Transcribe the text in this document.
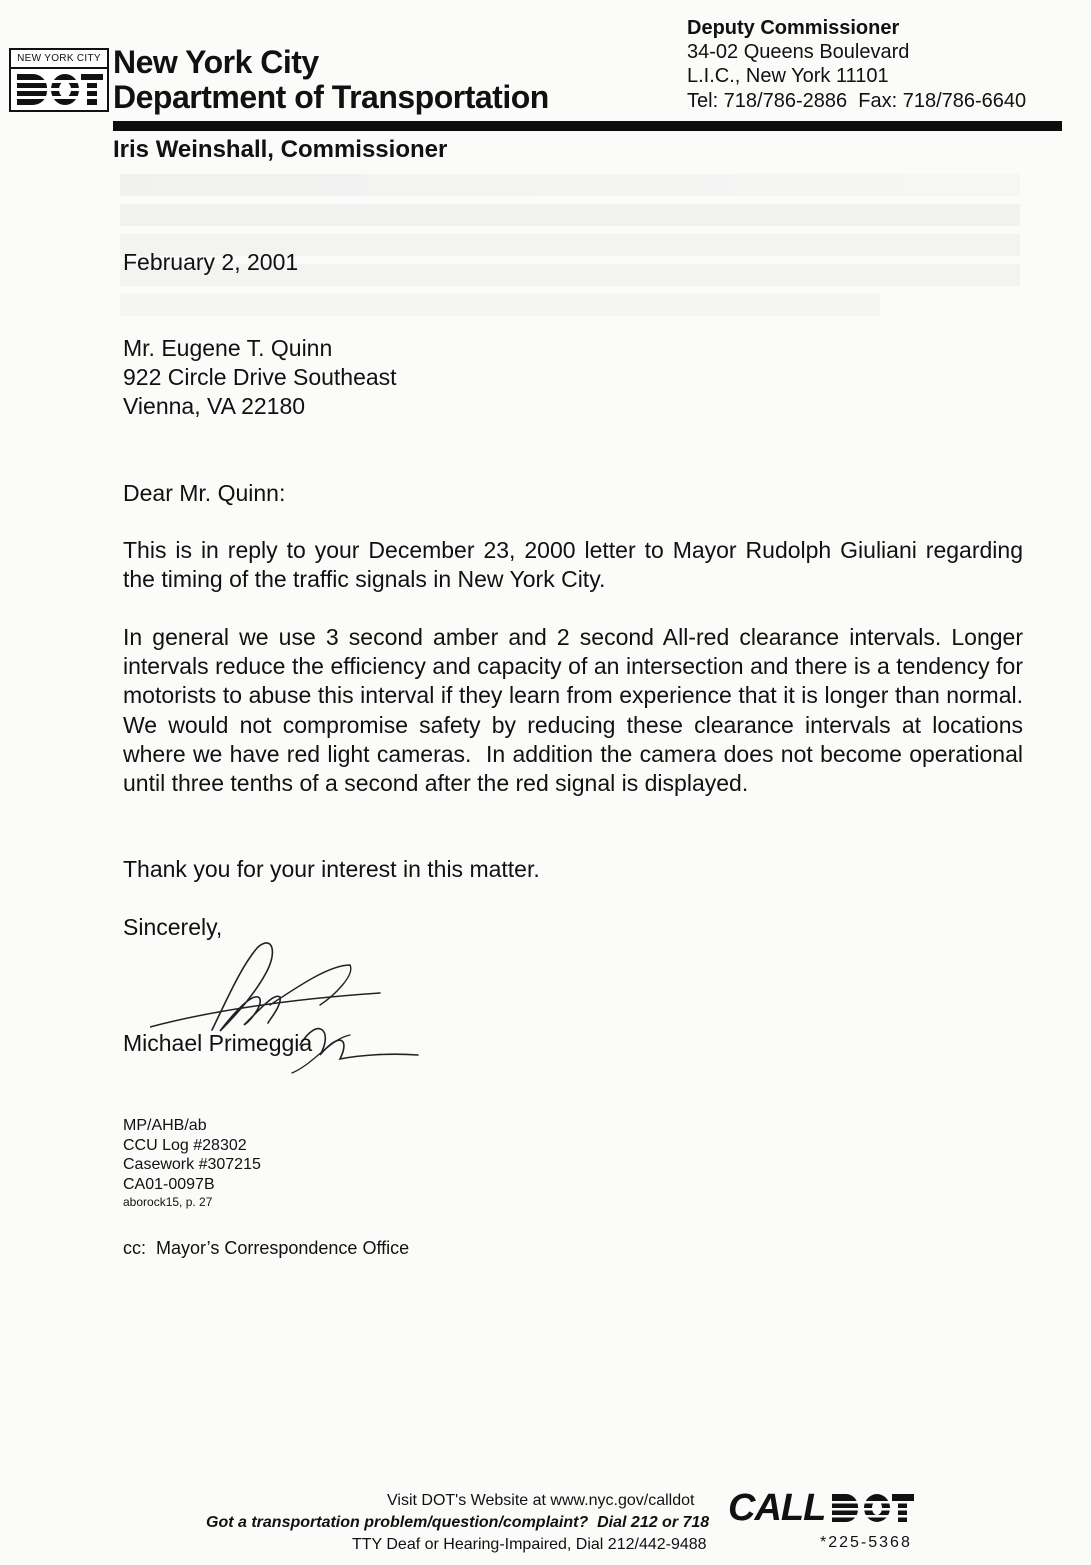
NEW YORK CITY New York City
Department of Transportation
Deputy Commissioner
34-02 Queens Boulevard
L.I.C., New York 11101
Tel: 718/786-2886  Fax: 718/786-6640
Iris Weinshall, Commissioner
February 2, 2001
Mr. Eugene T. Quinn
922 Circle Drive Southeast
Vienna, VA 22180
Dear Mr. Quinn:
This is in reply to your December 23, 2000 letter to Mayor Rudolph Giuliani regarding the timing of the traffic signals in New York City.
In general we use 3 second amber and 2 second All-red clearance intervals. Longer intervals reduce the efficiency and capacity of an intersection and there is a tendency for motorists to abuse this interval if they learn from experience that it is longer than normal.  We would not compromise safety by reducing these clearance intervals at locations where we have red light cameras.  In addition the camera does not become operational until three tenths of a second after the red signal is displayed.
Thank you for your interest in this matter.
Sincerely,
Michael Primeggia
MP/AHB/ab
CCU Log #28302
Casework #307215
CA01-0097B
aborock15, p. 27
cc:  Mayor’s Correspondence Office
Visit DOT's Website at www.nyc.gov/calldot
Got a transportation problem/question/complaint?  Dial 212 or 718
TTY Deaf or Hearing-Impaired, Dial 212/442-9488
CALL
*225-5368
